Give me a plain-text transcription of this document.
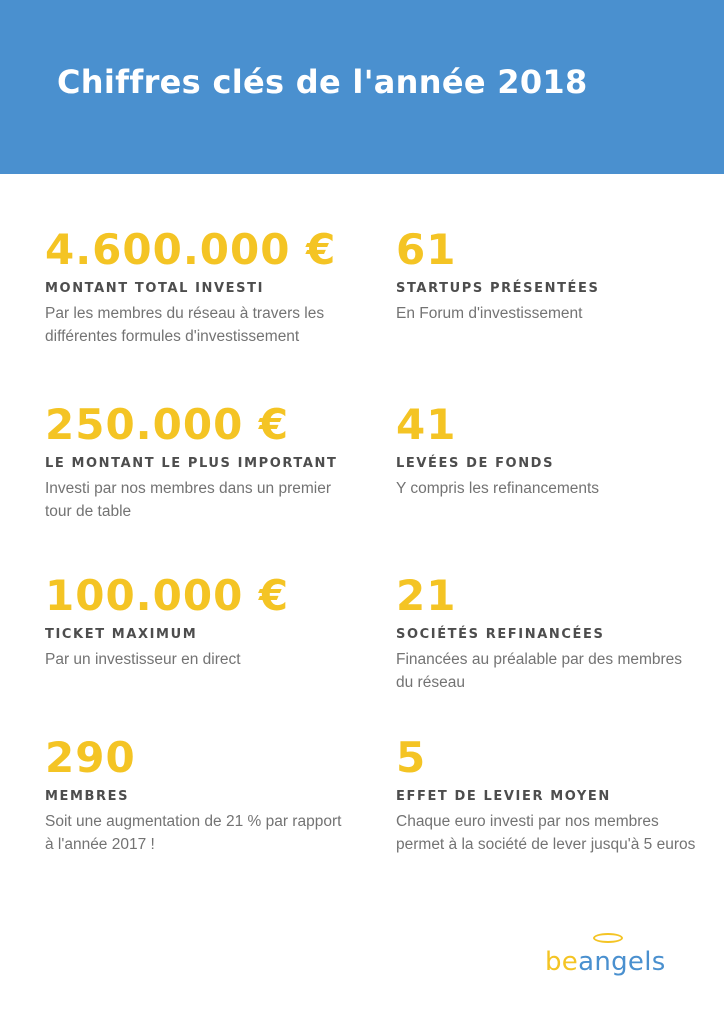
Chiffres clés de l'année 2018
4.600.000 €
MONTANT TOTAL INVESTI
Par les membres du réseau à travers les différentes formules d'investissement
61
STARTUPS PRÉSENTÉES
En Forum d'investissement
250.000 €
LE MONTANT LE PLUS IMPORTANT
Investi par nos membres dans un premier tour de table
41
LEVÉES DE FONDS
Y compris les refinancements
100.000 €
TICKET MAXIMUM
Par un investisseur en direct
21
SOCIÉTÉS REFINANCÉES
Financées au préalable par des membres du réseau
290
MEMBRES
Soit une augmentation de 21 % par rapport à l'année 2017 !
5
EFFET DE LEVIER MOYEN
Chaque euro investi par nos membres permet à la société de lever jusqu'à 5 euros
beangels
